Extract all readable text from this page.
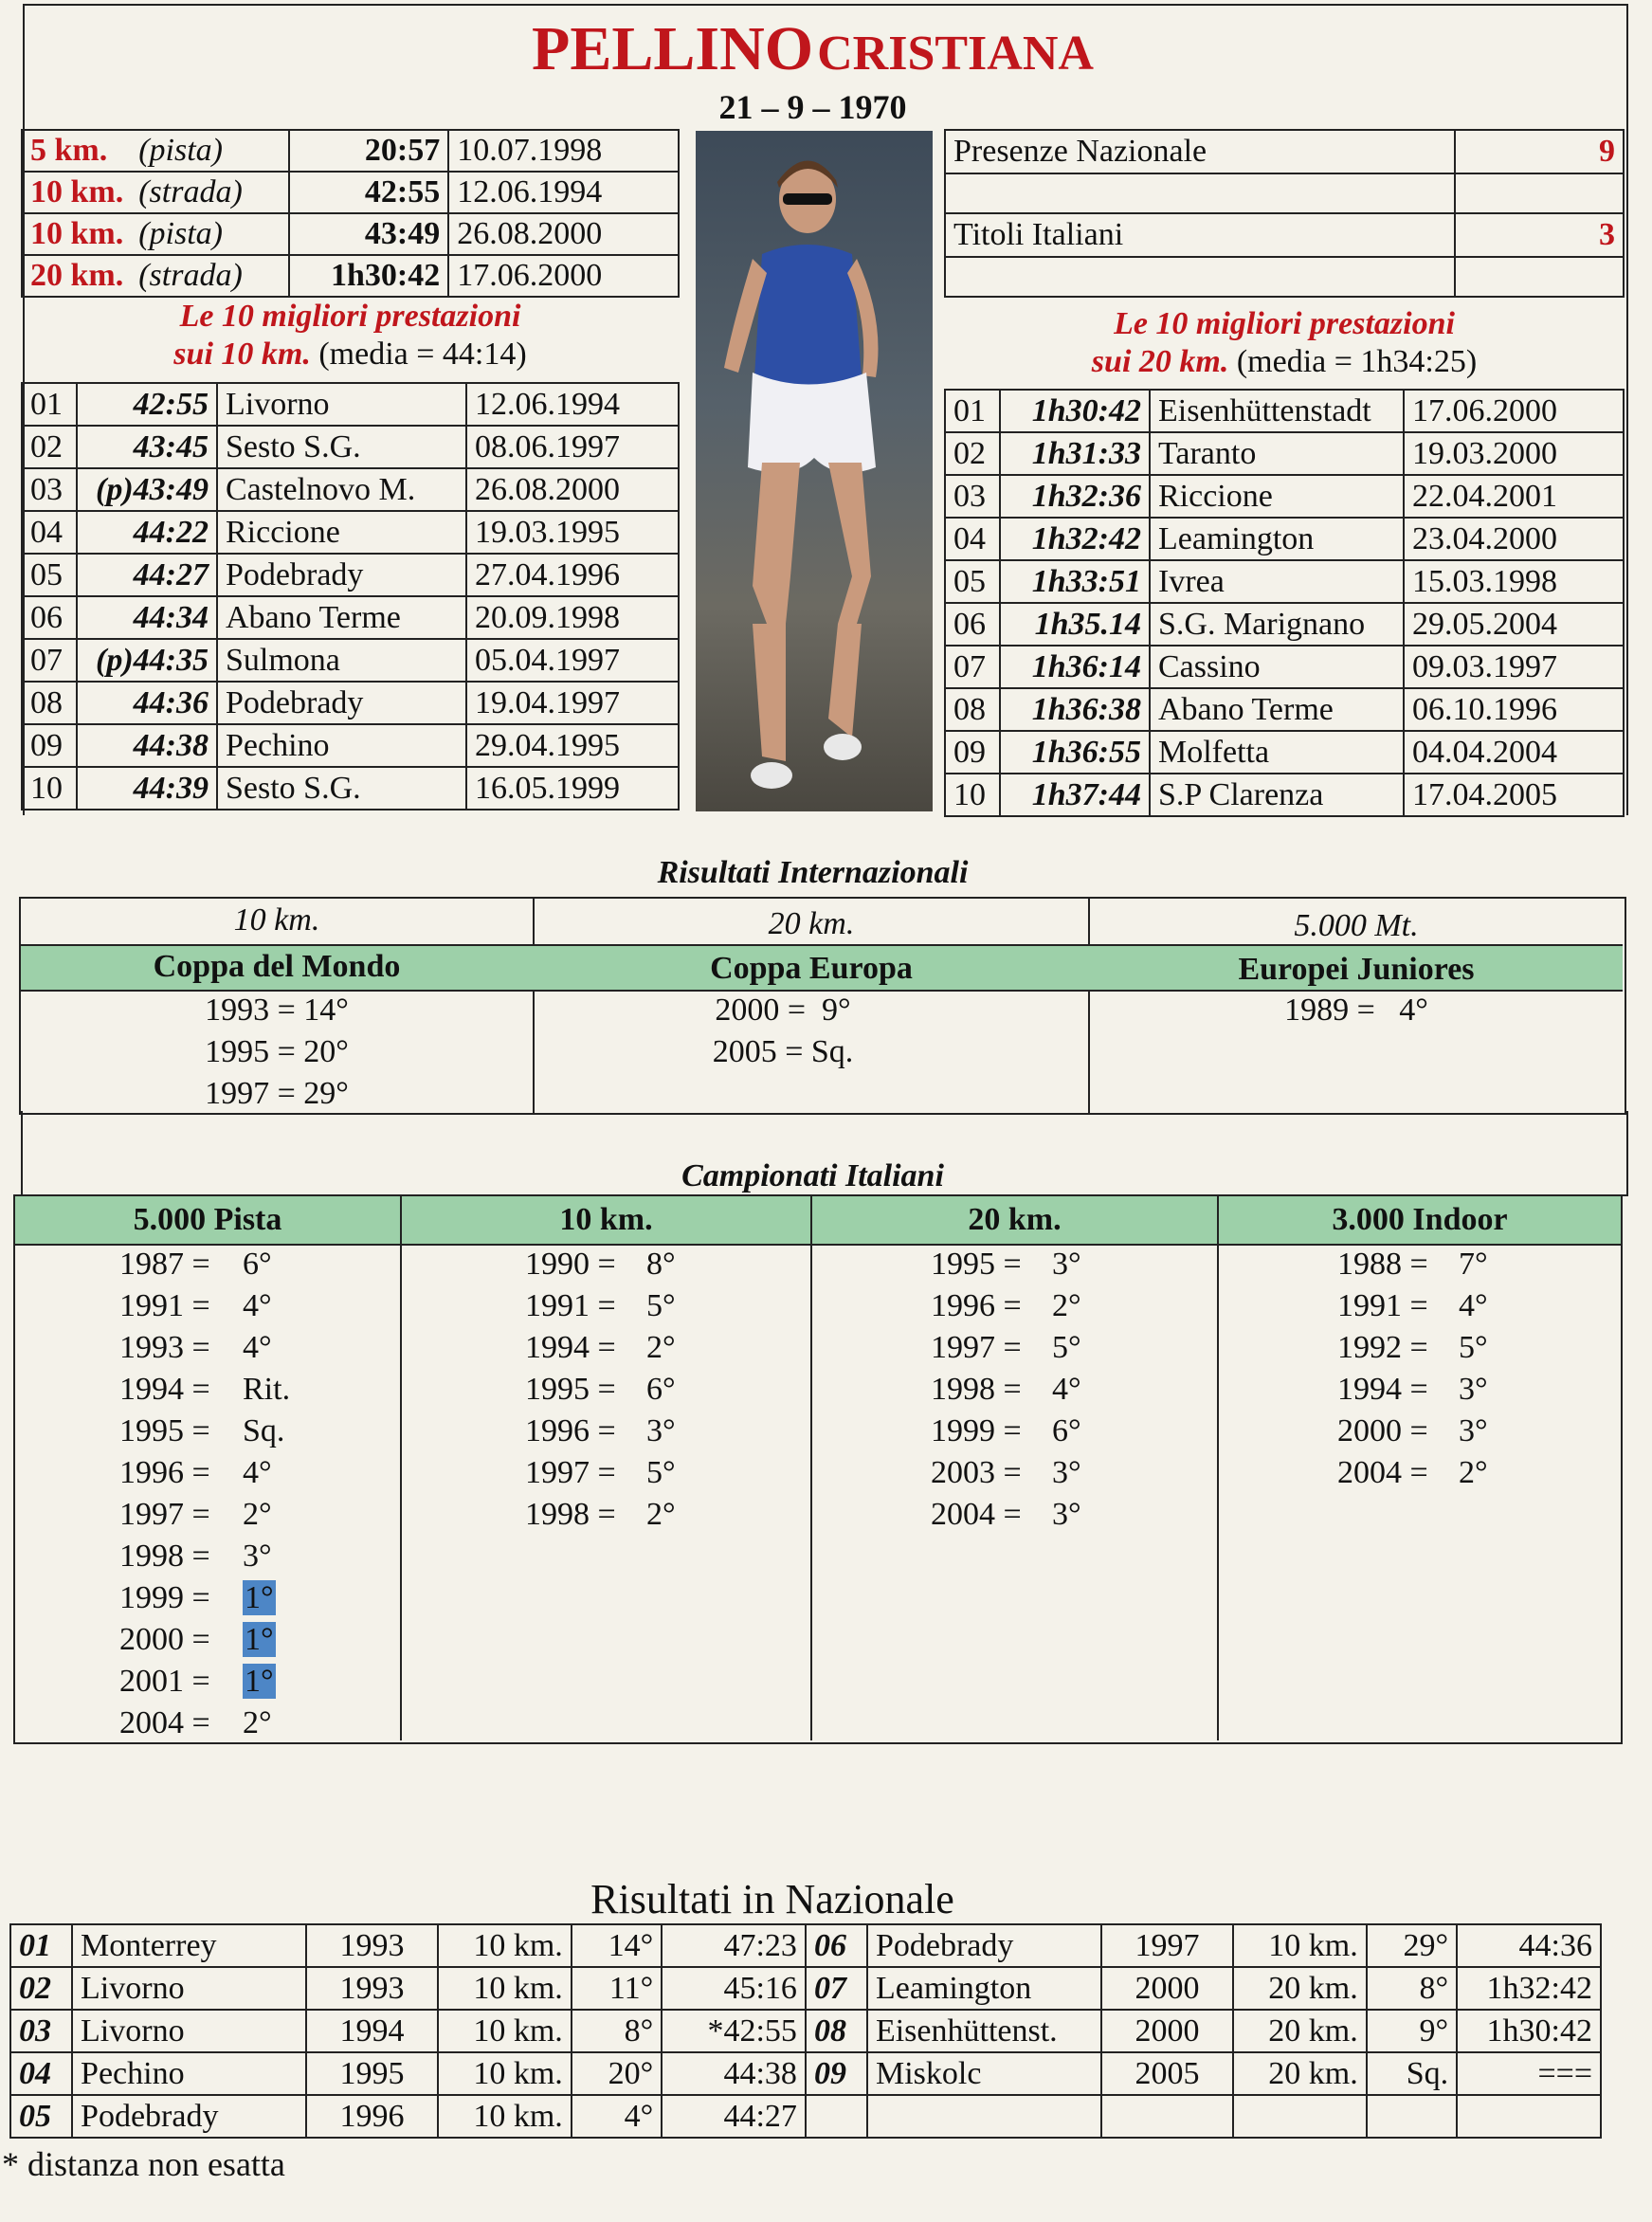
PELLINO CRISTIANA
21 – 9 – 1970
5 km.	(pista)	20:57	10.07.1998
10 km.	(strada)	42:55	12.06.1994
10 km.	(pista)	43:49	26.08.2000
20 km.	(strada)	1h30:42	17.06.2000
Le 10 migliori prestazioni
sui 10 km. (media = 44:14)
01	42:55	Livorno	12.06.1994
02	43:45	Sesto S.G.	08.06.1997
03	(p)43:49	Castelnovo M.	26.08.2000
04	44:22	Riccione	19.03.1995
05	44:27	Podebrady	27.04.1996
06	44:34	Abano Terme	20.09.1998
07	(p)44:35	Sulmona	05.04.1997
08	44:36	Podebrady	19.04.1997
09	44:38	Pechino	29.04.1995
10	44:39	Sesto S.G.	16.05.1999
Presenze Nazionale	9

Titoli Italiani	3

Le 10 migliori prestazioni
sui 20 km. (media = 1h34:25)
01	1h30:42	Eisenhüttenstadt	17.06.2000
02	1h31:33	Taranto	19.03.2000
03	1h32:36	Riccione	22.04.2001
04	1h32:42	Leamington	23.04.2000
05	1h33:51	Ivrea	15.03.1998
06	1h35.14	S.G. Marignano	29.05.2004
07	1h36:14	Cassino	09.03.1997
08	1h36:38	Abano Terme	06.10.1996
09	1h36:55	Molfetta	04.04.2004
10	1h37:44	S.P Clarenza	17.04.2005
Risultati Internazionali
10 km.
Coppa del Mondo
1993 = 14°
1995 = 20°
1997 = 29°
20 km.
Coppa Europa
2000 =  9°
2005 = Sq.
5.000 Mt.
Europei Juniores
1989 =   4°
Campionati Italiani
5.000 Pista
1987 = 6°
1991 = 4°
1993 = 4°
1994 = Rit.
1995 = Sq.
1996 = 4°
1997 = 2°
1998 = 3°
1999 = 1°
2000 = 1°
2001 = 1°
2004 = 2°
10 km.
1990 = 8°
1991 = 5°
1994 = 2°
1995 = 6°
1996 = 3°
1997 = 5°
1998 = 2°
20 km.
1995 = 3°
1996 = 2°
1997 = 5°
1998 = 4°
1999 = 6°
2003 = 3°
2004 = 3°
3.000 Indoor
1988 = 7°
1991 = 4°
1992 = 5°
1994 = 3°
2000 = 3°
2004 = 2°
Risultati in Nazionale
01	Monterrey	1993	10 km.	14°	47:23	06	Podebrady	1997	10 km.	29°	44:36
02	Livorno	1993	10 km.	11°	45:16	07	Leamington	2000	20 km.	8°	1h32:42
03	Livorno	1994	10 km.	8°	*42:55	08	Eisenhüttenst.	2000	20 km.	9°	1h30:42
04	Pechino	1995	10 km.	20°	44:38	09	Miskolc	2005	20 km.	Sq.	===
05	Podebrady	1996	10 km.	4°	44:27						
* distanza non esatta
